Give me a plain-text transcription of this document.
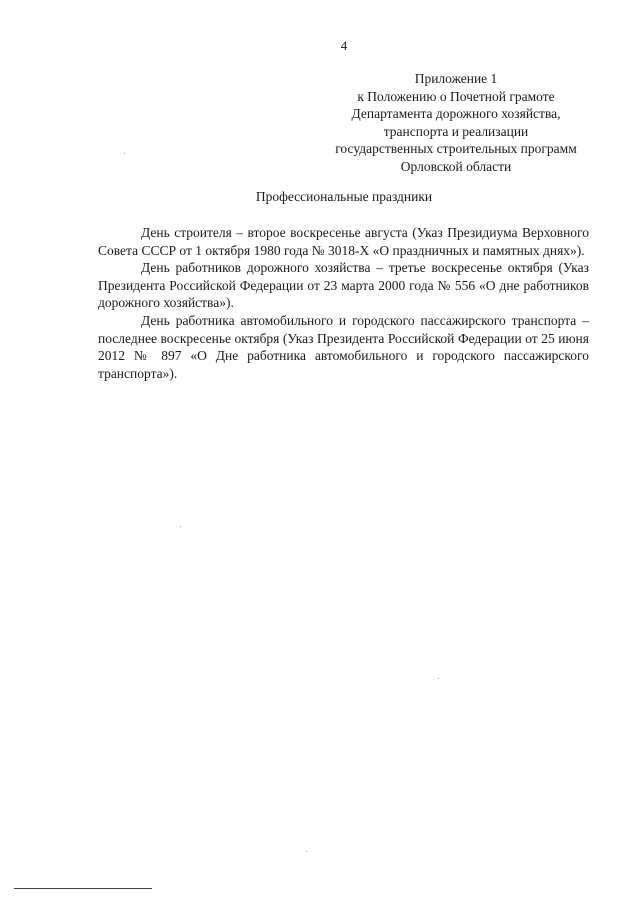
4
Приложение 1
к Положению о Почетной грамоте
Департамента дорожного хозяйства,
транспорта и реализации
государственных строительных программ
Орловской области
Профессиональные праздники

День строителя – второе воскресенье августа (Указ Президиума Верховного Совета СССР от 1 октября 1980 года № 3018-X «О праздничных и памятных днях»).

День работников дорожного хозяйства – третье воскресенье октября (Указ Президента Российской Федерации от 23 марта 2000 года № 556 «О дне работников дорожного хозяйства»).

День работника автомобильного и городского пассажирского транспорта – последнее воскресенье октября (Указ Президента Российской Федерации от 25 июня 2012 № 897 «О Дне работника автомобильного и городского пассажирского транспорта»).
